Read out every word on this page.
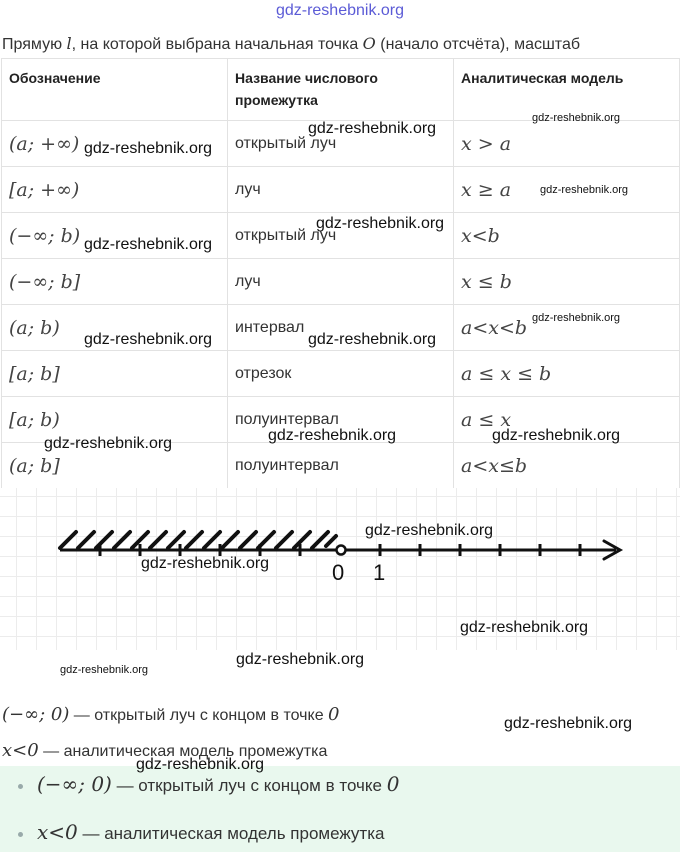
gdz-reshebnik.org
Прямую l, на которой выбрана начальная точка O (начало отсчёта), масштаб
Обозначение	Название числового промежутка	Аналитическая модель
(a; +∞)	открытый луч	x > a
[a; +∞)	луч	x ≥ a
(−∞; b)	открытый луч	x<b
(−∞; b]	луч	x ≤ b
(a; b)	интервал	a<x<b
[a; b]	отрезок	a ≤ x ≤ b
[a; b)	полуинтервал	a ≤ x
(a; b]	полуинтервал	a<x≤b
0 1
(−∞; 0) — открытый луч с концом в точке 0
x<0 — аналитическая модель промежутка
(−∞; 0) — открытый луч с концом в точке 0
x<0 — аналитическая модель промежутка
gdz-reshebnik.org
gdz-reshebnik.org
gdz-reshebnik.org
gdz-reshebnik.org
gdz-reshebnik.org
gdz-reshebnik.org
gdz-reshebnik.org
gdz-reshebnik.org	gdz-reshebnik.org
gdz-reshebnik.org	gdz-reshebnik.org	gdz-reshebnik.org
gdz-reshebnik.org
gdz-reshebnik.org
gdz-reshebnik.org
gdz-reshebnik.org
gdz-reshebnik.org
gdz-reshebnik.org
gdz-reshebnik.org
